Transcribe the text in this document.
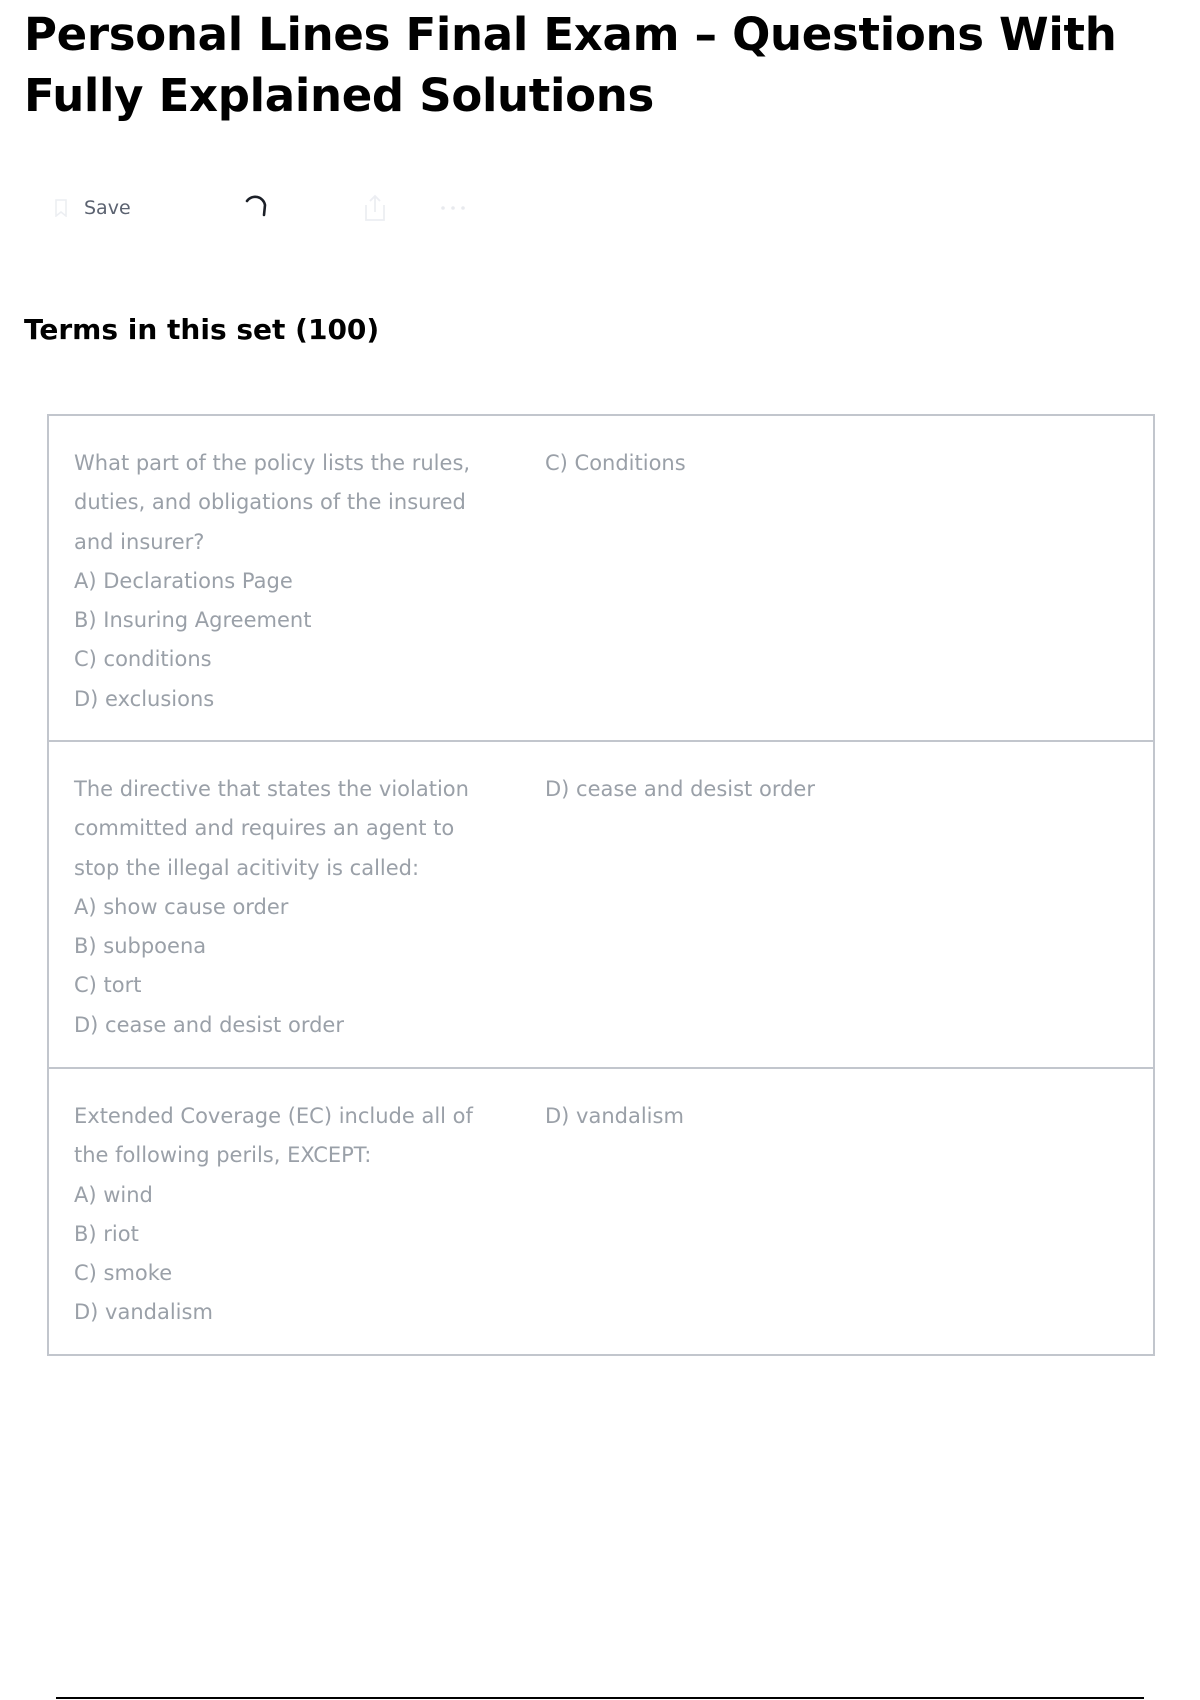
Personal Lines Final Exam – Questions With Fully Explained Solutions
Save
Terms in this set (100)
What part of the policy lists the rules,
duties, and obligations of the insured
and insurer?
A) Declarations Page
B) Insuring Agreement
C) conditions
D) exclusions
C) Conditions
The directive that states the violation
committed and requires an agent to
stop the illegal acitivity is called:
A) show cause order
B) subpoena
C) tort
D) cease and desist order
D) cease and desist order
Extended Coverage (EC) include all of
the following perils, EXCEPT:
A) wind
B) riot
C) smoke
D) vandalism
D) vandalism
